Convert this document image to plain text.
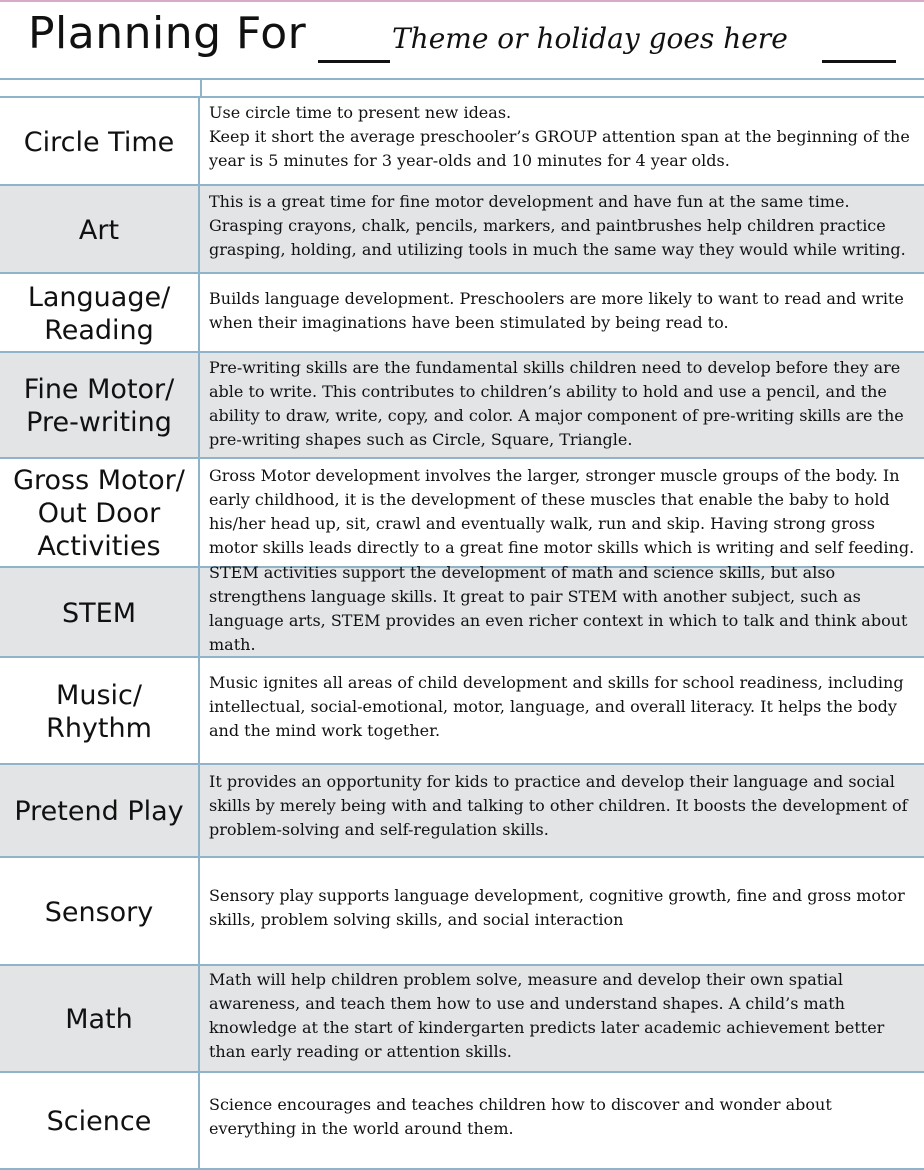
Planning For	Theme or holiday goes here
Circle Time
Use circle time to present new ideas.
Keep it short the average preschooler’s GROUP attention span at the beginning of the year is 5 minutes for 3 year-olds and 10 minutes for 4 year olds.
Art
This is a great time for fine motor development and have fun at the same time. Grasping crayons, chalk, pencils, markers, and paintbrushes help children practice grasping, holding, and utilizing tools in much the same way they would while writing.
Language/
Reading
Builds language development. Preschoolers are more likely to want to read and write when their imaginations have been stimulated by being read to.
Fine Motor/
Pre-writing
Pre-writing skills are the fundamental skills children need to develop before they are able to write. This contributes to children’s ability to hold and use a pencil, and the ability to draw, write, copy, and color. A major component of pre-writing skills are the pre-writing shapes such as Circle, Square, Triangle.
Gross Motor/
Out Door
Activities
Gross Motor development involves the larger, stronger muscle groups of the body. In early childhood, it is the development of these muscles that enable the baby to hold his/her head up, sit, crawl and eventually walk, run and skip. Having strong gross motor skills leads directly to a great fine motor skills which is writing and self feeding.
STEM
STEM activities support the development of math and science skills, but also strengthens language skills. It great to pair STEM with another subject, such as language arts, STEM provides an even richer context in which to talk and think about math.
Music/
Rhythm
Music ignites all areas of child development and skills for school readiness, including intellectual, social-emotional, motor, language, and overall literacy. It helps the body and the mind work together.
Pretend Play
It provides an opportunity for kids to practice and develop their language and social skills by merely being with and talking to other children. It boosts the development of problem-solving and self-regulation skills.
Sensory
Sensory play supports language development, cognitive growth, fine and gross motor skills, problem solving skills, and social interaction
Math
Math will help children problem solve, measure and develop their own spatial awareness, and teach them how to use and understand shapes. A child’s math knowledge at the start of kindergarten predicts later academic achievement better than early reading or attention skills.
Science
Science encourages and teaches children how to discover and wonder about everything in the world around them.
